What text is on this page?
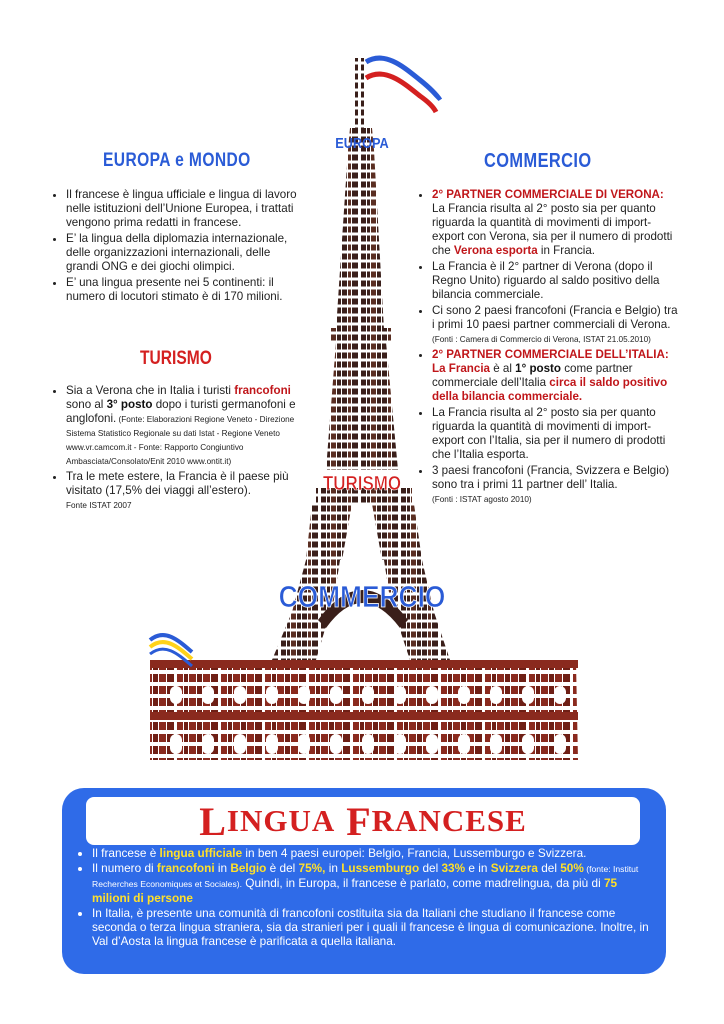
EUROPA
TURISMO
COMMERCIO
EUROPA e MONDO
• Il francese è lingua ufficiale e lingua di lavoro nelle istituzioni dell’Unione Europea, i trattati vengono prima redatti in francese.
• E’ la lingua della diplomazia internazionale, delle organizzazioni internazionali, delle grandi ONG e dei giochi olimpici.
• E’ una lingua presente nei 5 continenti: il numero di locutori stimato è di 170 milioni.
TURISMO
• Sia a Verona che in Italia i turisti francofoni sono al 3° posto dopo i turisti germanofoni e anglofoni. (Fonte: Elaborazioni Regione Veneto - Direzione Sistema Statistico Regionale su dati Istat - Regione Veneto www.vr.camcom.it - Fonte: Rapporto Congiuntivo Ambasciata/Consolato/Enit 2010 www.ontit.it)
• Tra le mete estere, la Francia è il paese più visitato (17,5% dei viaggi all’estero).
Fonte ISTAT 2007
COMMERCIO
• 2° PARTNER COMMERCIALE DI VERONA: La Francia risulta al 2° posto sia per quanto riguarda la quantità di movimenti di import-export con Verona, sia per il numero di prodotti che Verona esporta in Francia.
• La Francia è il 2° partner di Verona (dopo il Regno Unito) riguardo al saldo positivo della bilancia commerciale.
• Ci sono 2 paesi francofoni (Francia e Belgio) tra i primi 10 paesi partner commerciali di Verona. (Fonti : Camera di Commercio di Verona, ISTAT 21.05.2010)
• 2° PARTNER COMMERCIALE DELL’ITALIA: La Francia è al 1° posto come partner commerciale dell’Italia circa il saldo positivo della bilancia commerciale.
• La Francia risulta al 2° posto sia per quanto riguarda la quantità di movimenti di import-export con l’Italia, sia per il numero di prodotti che l’Italia esporta.
• 3 paesi francofoni (Francia, Svizzera e Belgio) sono tra i primi 11 partner dell’ Italia.
(Fonti : ISTAT agosto 2010)
L INGUA
F RANCESE
• Il francese è lingua ufficiale in ben 4 paesi europei: Belgio, Francia, Lussemburgo e Svizzera.
• Il numero di francofoni in Belgio è del 75%, in Lussemburgo del 33% e in Svizzera del 50% (fonte: Institut Recherches Economiques et Sociales). Quindi, in Europa, il francese è parlato, come madrelingua, da più di 75 milioni di persone
• In Italia, è presente una comunità di francofoni costituita sia da Italiani che studiano il francese come seconda o terza lingua straniera, sia da stranieri per i quali il francese è lingua di comunicazione. Inoltre, in Val d’Aosta la lingua francese è parificata a quella italiana.
